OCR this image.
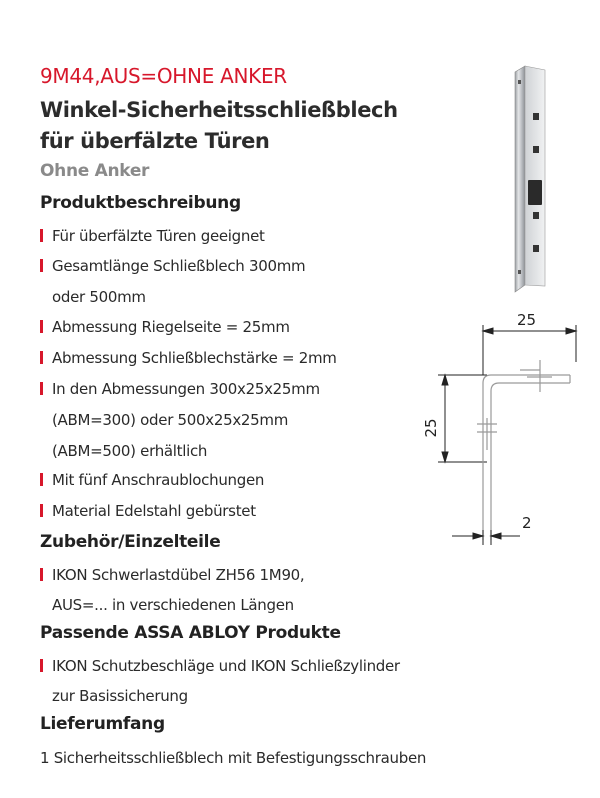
9M44,AUS=OHNE ANKER
Winkel-Sicherheitsschließblech
für überfälzte Türen
Ohne Anker
Produktbeschreibung
Für überfälzte Türen geeignet
Gesamtlänge Schließblech 300mm
oder 500mm
Abmessung Riegelseite = 25mm
Abmessung Schließblechstärke = 2mm
In den Abmessungen 300x25x25mm
(ABM=300) oder 500x25x25mm
(ABM=500) erhältlich
Mit fünf Anschraublochungen
Material Edelstahl gebürstet
Zubehör/Einzelteile
IKON Schwerlastdübel ZH56 1M90,
AUS=... in verschiedenen Längen
Passende ASSA ABLOY Produkte
IKON Schutzbeschläge und IKON Schließzylinder
zur Basissicherung
Lieferumfang
1 Sicherheitsschließblech mit Befestigungsschrauben
25
25
2
